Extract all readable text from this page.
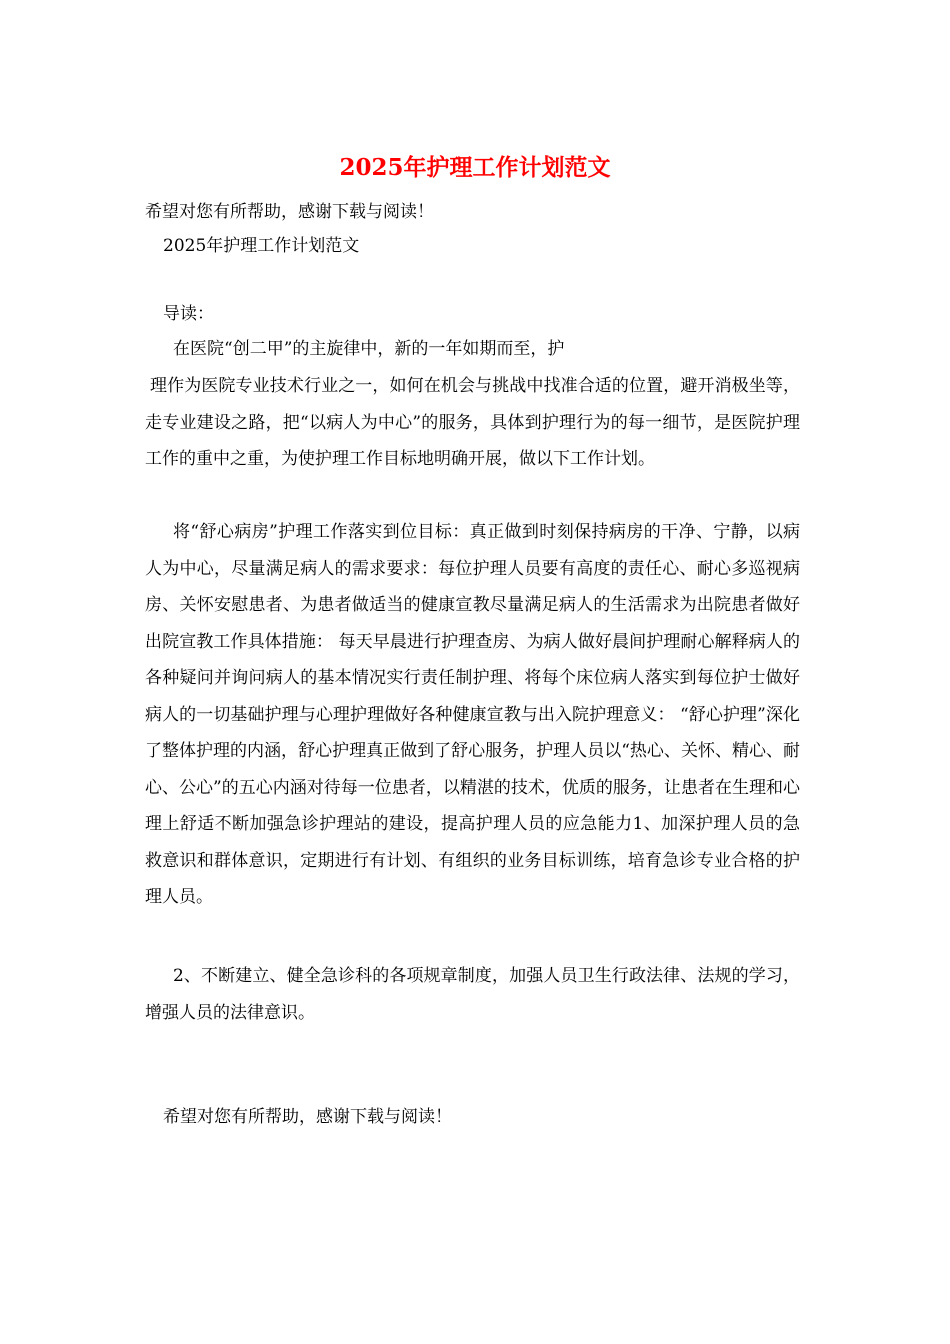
2025年护理工作计划范文
希望对您有所帮助，感谢下载与阅读！
2025年护理工作计划范文
导读：
在医院“创二甲”的主旋律中，新的一年如期而至，护

理作为医院专业技术行业之一，如何在机会与挑战中找准合适的位置，避开消极坐等，走专业建设之路，把“以病人为中心”的服务，具体到护理行为的每一细节，是医院护理工作的重中之重，为使护理工作目标地明确开展，做以下工作计划。

将“舒心病房”护理工作落实到位目标：真正做到时刻保持病房的干净、宁静，以病人为中心，尽量满足病人的需求要求：每位护理人员要有高度的责任心、耐心多巡视病房、关怀安慰患者、为患者做适当的健康宣教尽量满足病人的生活需求为出院患者做好出院宣教工作具体措施： 每天早晨进行护理查房、为病人做好晨间护理耐心解释病人的各种疑问并询问病人的基本情况实行责任制护理、将每个床位病人落实到每位护士做好病人的一切基础护理与心理护理做好各种健康宣教与出入院护理意义： “舒心护理”深化了整体护理的内涵，舒心护理真正做到了舒心服务，护理人员以“热心、关怀、精心、耐心、公心”的五心内涵对待每一位患者，以精湛的技术，优质的服务，让患者在生理和心理上舒适不断加强急诊护理站的建设，提高护理人员的应急能力1、加深护理人员的急救意识和群体意识，定期进行有计划、有组织的业务目标训练，培育急诊专业合格的护理人员。

2、不断建立、健全急诊科的各项规章制度，加强人员卫生行政法律、法规的学习，增强人员的法律意识。

希望对您有所帮助，感谢下载与阅读！
